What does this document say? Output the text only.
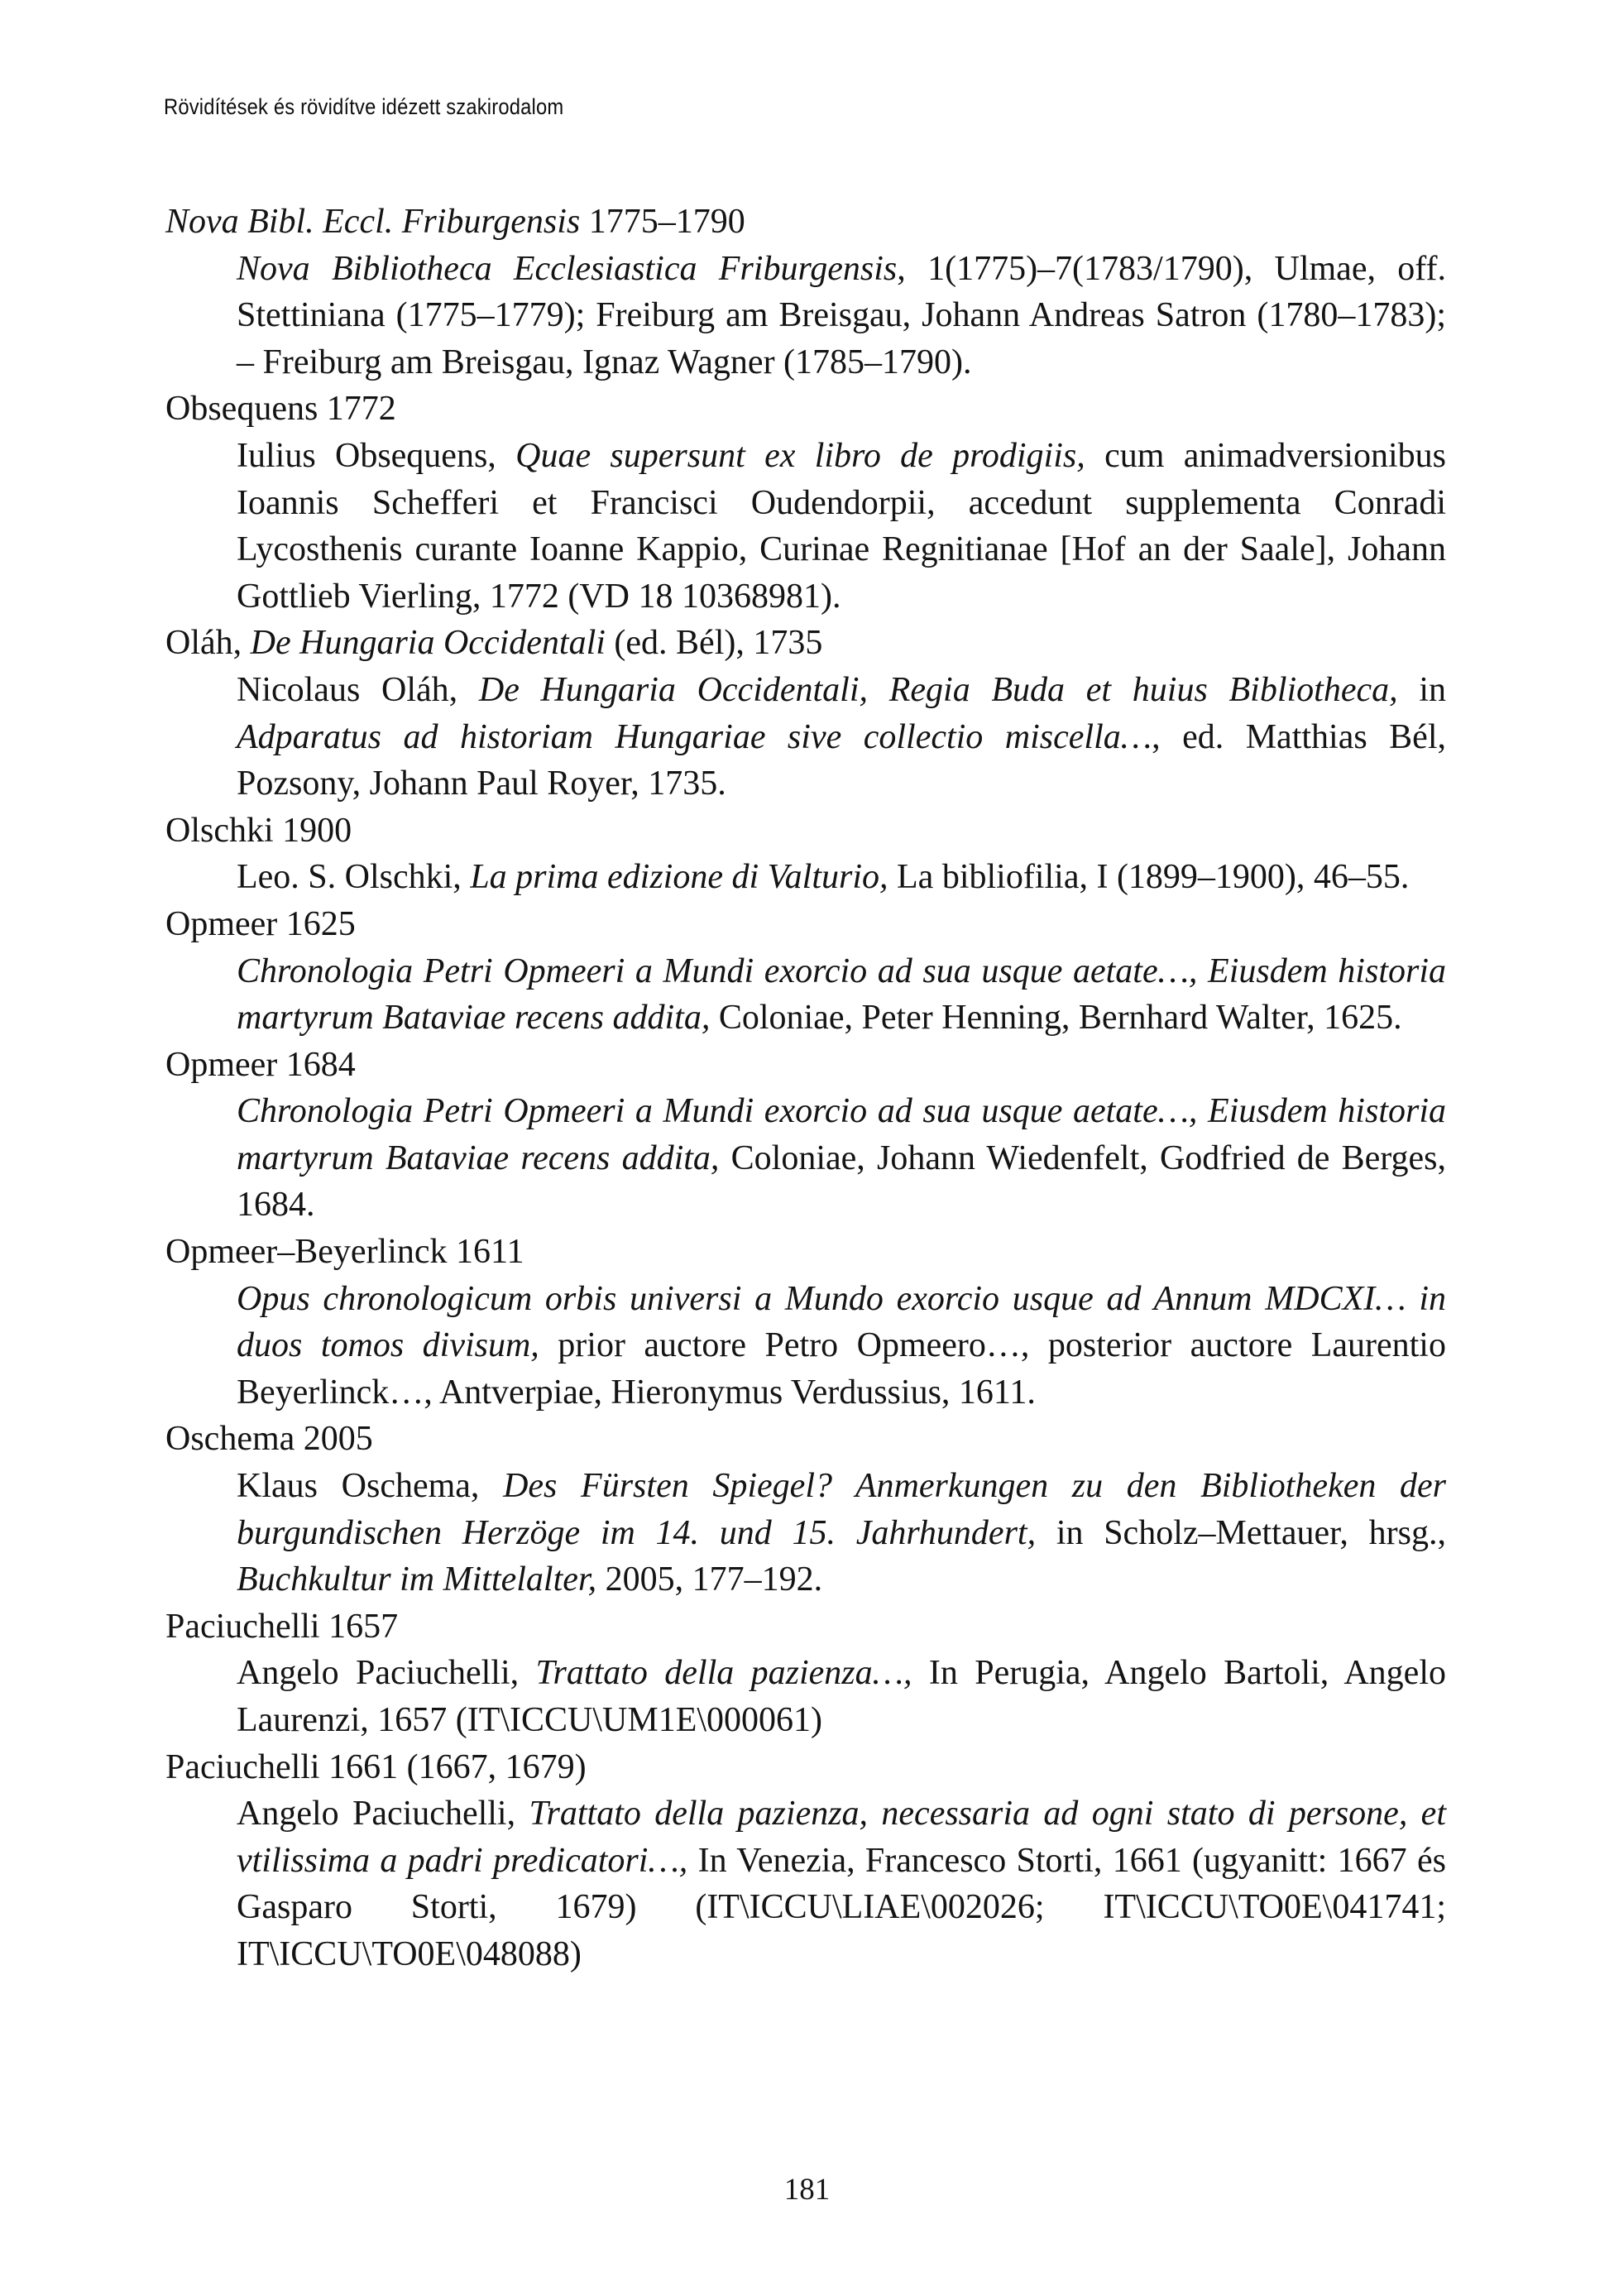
Rövidítések és rövidítve idézett szakirodalom

Nova Bibl. Eccl. Friburgensis 1775–1790

Nova Bibliotheca Ecclesiastica Friburgensis, 1(1775)–7(1783/1790), Ulmae, off. Stettiniana (1775–1779); Freiburg am Breisgau, Johann Andreas Satron (1780–1783); – Freiburg am Breisgau, Ignaz Wagner (1785–1790).

Obsequens 1772

Iulius Obsequens, Quae supersunt ex libro de prodigiis, cum animadversionibus Ioannis Schefferi et Francisci Oudendorpii, accedunt supplementa Conradi Lycosthenis curante Ioanne Kappio, Curinae Regnitianae [Hof an der Saale], Johann Gottlieb Vierling, 1772 (VD 18 10368981).

Oláh, De Hungaria Occidentali (ed. Bél), 1735

Nicolaus Oláh, De Hungaria Occidentali, Regia Buda et huius Bibliotheca, in Adparatus ad historiam Hungariae sive collectio miscella…, ed. Matthias Bél, Pozsony, Johann Paul Royer, 1735.

Olschki 1900

Leo. S. Olschki, La prima edizione di Valturio, La bibliofilia, I (1899–1900), 46–55.

Opmeer 1625

Chronologia Petri Opmeeri a Mundi exorcio ad sua usque aetate…, Eiusdem historia martyrum Bataviae recens addita, Coloniae, Peter Henning, Bernhard Walter, 1625.

Opmeer 1684

Chronologia Petri Opmeeri a Mundi exorcio ad sua usque aetate…, Eiusdem historia martyrum Bataviae recens addita, Coloniae, Johann Wiedenfelt, Godfried de Berges, 1684.

Opmeer–Beyerlinck 1611

Opus chronologicum orbis universi a Mundo exorcio usque ad Annum MDCXI… in duos tomos divisum, prior auctore Petro Opmeero…, posterior auctore Laurentio Beyerlinck…, Antverpiae, Hieronymus Verdussius, 1611.

Oschema 2005

Klaus Oschema, Des Fürsten Spiegel? Anmerkungen zu den Bibliotheken der burgundischen Herzöge im 14. und 15. Jahrhundert, in Scholz–Mettauer, hrsg., Buchkultur im Mittelalter, 2005, 177–192.

Paciuchelli 1657

Angelo Paciuchelli, Trattato della pazienza…, In Perugia, Angelo Bartoli, Angelo Laurenzi, 1657 (IT\ICCU\UM1E\000061)

Paciuchelli 1661 (1667, 1679)

Angelo Paciuchelli, Trattato della pazienza, necessaria ad ogni stato di persone, et vtilissima a padri predicatori…, In Venezia, Francesco Storti, 1661 (ugyanitt: 1667 és Gasparo Storti, 1679) (IT\ICCU\LIAE\002026; IT\ICCU\TO0E\041741; IT\ICCU\TO0E\048088)

181
